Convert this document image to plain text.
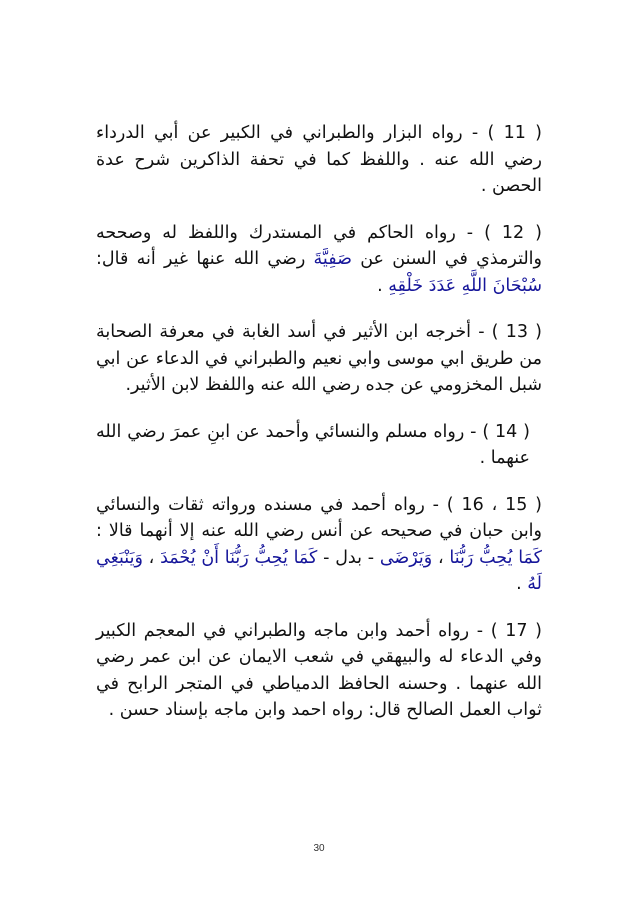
( 11 ) - رواه البزار والطبراني في الكبير عن أبي الدرداء رضي الله عنه . واللفظ كما في تحفة الذاكرين شرح عدة الحصن .

( 12 ) - رواه الحاكم في المستدرك واللفظ له وصححه والترمذي في السنن عن صَفِيَّةَ رضي الله عنها غير أنه قال: سُبْحَانَ اللَّهِ عَدَدَ خَلْقِهِ .

( 13 ) - أخرجه ابن الأثير في أسد الغابة في معرفة الصحابة من طريق ابي موسى وابي نعيم والطبراني في الدعاء عن ابي شبل المخزومي عن جده رضي الله عنه واللفظ لابن الأثير.

( 14 ) - رواه مسلم والنسائي وأحمد عن ابنِ عمرَ رضي الله عنهما .

( 15 ، 16 ) - رواه أحمد في مسنده ورواته ثقات والنسائي وابن حبان في صحيحه عن أنس رضي الله عنه إلا أنهما قالا : كَمَا يُحِبُّ رَبُّنَا ، وَيَرْضَى - بدل - كَمَا يُحِبُّ رَبُّنَا أَنْ يُحْمَدَ ، وَيَنْبَغِي لَهُ .

( 17 ) - رواه أحمد وابن ماجه والطبراني في المعجم الكبير وفي الدعاء له والبيهقي في شعب الايمان عن ابن عمر رضي الله عنهما . وحسنه الحافظ الدمياطي في المتجر الرابح في ثواب العمل الصالح قال: رواه احمد وابن ماجه بإسناد حسن .

30
